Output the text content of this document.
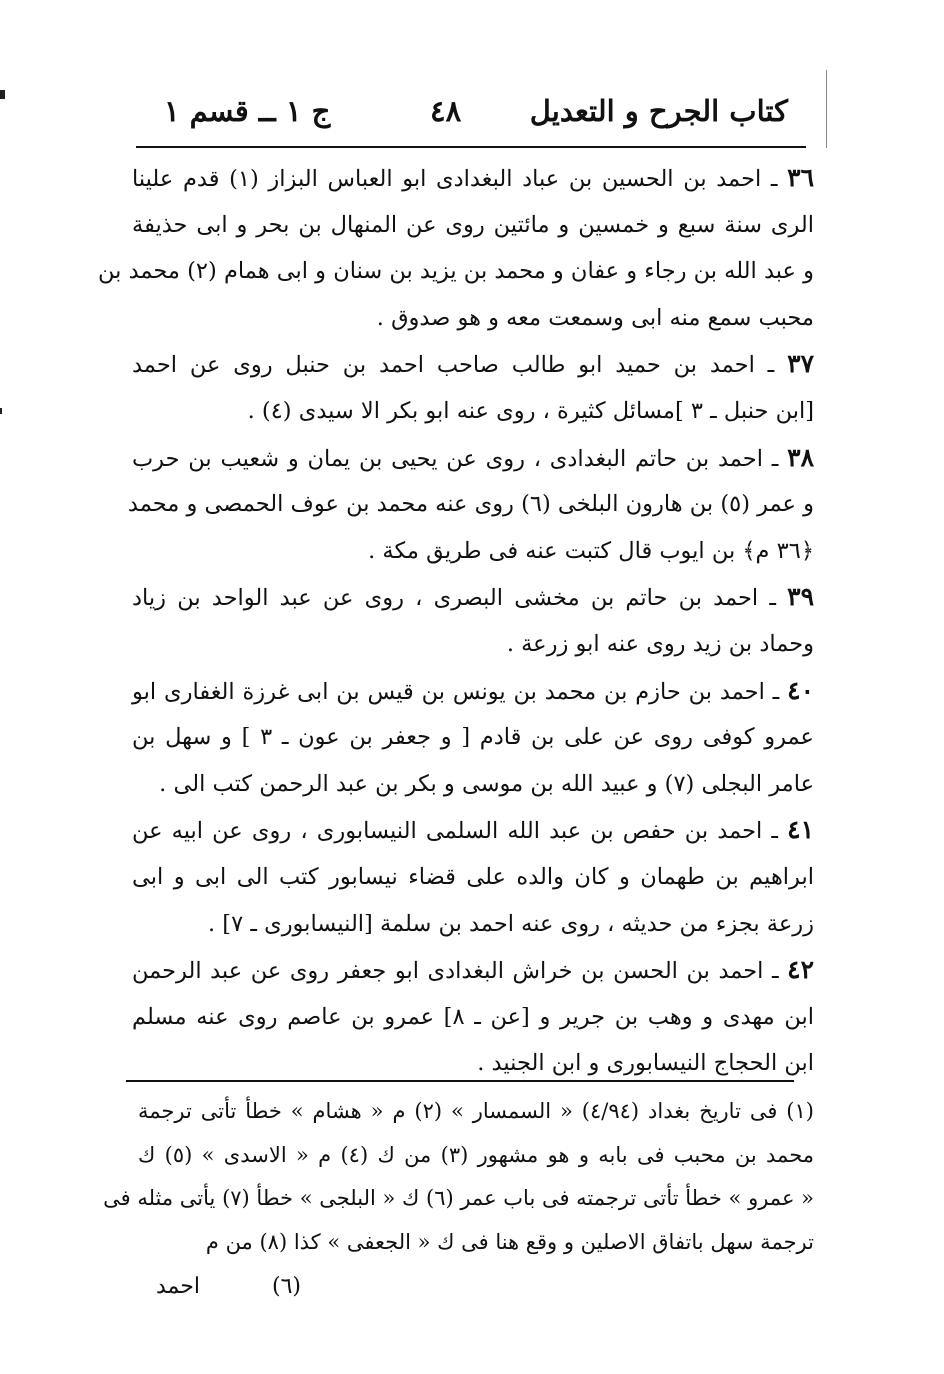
كتاب الجرح و التعديل
٤٨
ج ١ ــ قسم ١
٣٦ ـ احمد بن الحسين بن عباد البغدادى ابو العباس البزاز (١) قدم علينا
الرى سنة سبع و خمسين و مائتين روى عن المنهال بن بحر و ابى حذيفة
و عبد الله بن رجاء و عفان و محمد بن يزيد بن سنان و ابى همام (٢) محمد بن
محبب سمع منه ابى وسمعت معه و هو صدوق .
٣٧ ـ احمد بن حميد ابو طالب صاحب احمد بن حنبل روى عن احمد
[ابن حنبل ـ ٣ ]مسائل كثيرة ، روى عنه ابو بكر الا سيدى (٤) .
٣٨ ـ احمد بن حاتم البغدادى ، روى عن يحيى بن يمان و شعيب بن حرب
و عمر (٥) بن هارون البلخى (٦) روى عنه محمد بن عوف الحمصى و محمد
﴿٣٦ م﴾ بن ايوب قال كتبت عنه فى طريق مكة .
٣٩ ـ احمد بن حاتم بن مخشى البصرى ، روى عن عبد الواحد بن زياد
وحماد بن زيد روى عنه ابو زرعة .
٤٠ ـ احمد بن حازم بن محمد بن يونس بن قيس بن ابى غرزة الغفارى ابو
عمرو كوفى روى عن على بن قادم [ و جعفر بن عون ـ ٣ ] و سهل بن
عامر البجلى (٧) و عبيد الله بن موسى و بكر بن عبد الرحمن كتب الى .
٤١ ـ احمد بن حفص بن عبد الله السلمى النيسابورى ، روى عن ابيه عن
ابراهيم بن طهمان و كان والده على قضاء نيسابور كتب الى ابى و ابى
زرعة بجزء من حديثه ، روى عنه احمد بن سلمة [النيسابورى ـ ٧] .
٤٢ ـ احمد بن الحسن بن خراش البغدادى ابو جعفر روى عن عبد الرحمن
ابن مهدى و وهب بن جرير و [عن ـ ٨] عمرو بن عاصم روى عنه مسلم
ابن الحجاج النيسابورى و ابن الجنيد .
(١) فى تاريخ بغداد (٤/٩٤) « السمسار » (٢) م « هشام » خطأ تأتى ترجمة
محمد بن محبب فى بابه و هو مشهور (٣) من ك (٤) م « الاسدى » (٥) ك
« عمرو » خطأ تأتى ترجمته فى باب عمر (٦) ك « البلجى » خطأ (٧) يأتى مثله فى
ترجمة سهل باتفاق الاصلين و وقع هنا فى ك « الجعفى » كذا (٨) من م
(٦)
احمد
